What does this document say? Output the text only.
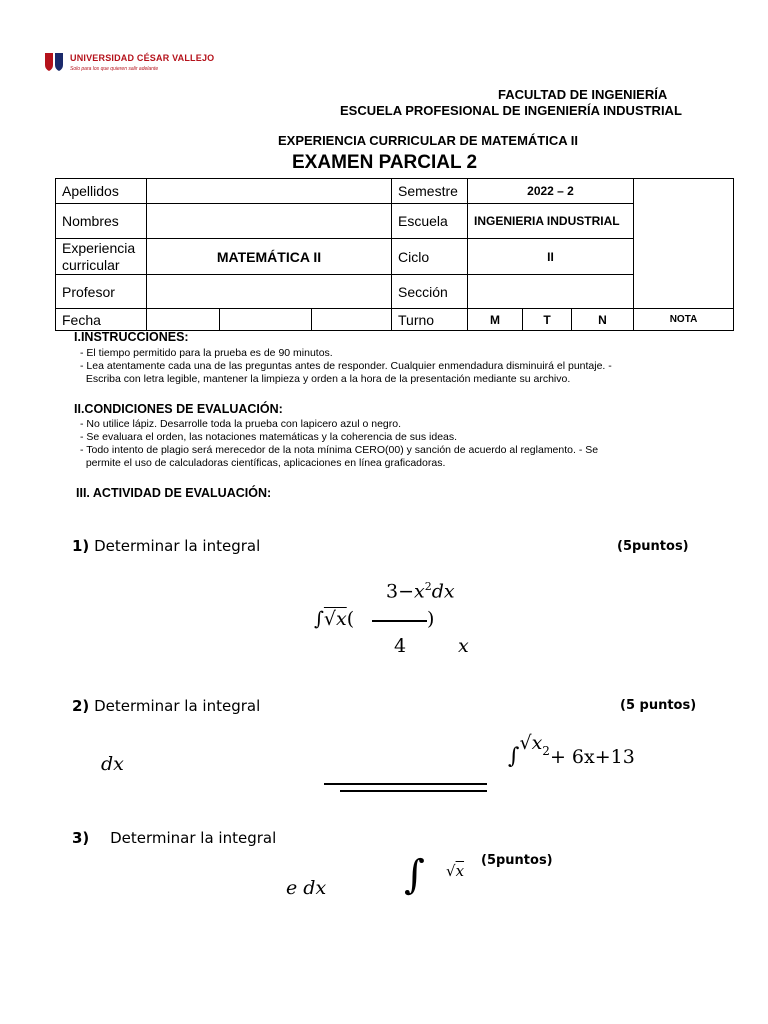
UNIVERSIDAD CÉSAR VALLEJO
Solo para los que quieren salir adelante
FACULTAD DE INGENIERÍA
ESCUELA PROFESIONAL DE INGENIERÍA INDUSTRIAL
EXPERIENCIA CURRICULAR DE MATEMÁTICA II
EXAMEN PARCIAL 2
Apellidos				Semestre	2022 – 2			
Nombres				Escuela	INGENIERIA INDUSTRIAL			
Experiencia curricular	MATEMÁTICA II			Ciclo	II			
Profesor				Sección				
Fecha				Turno	M	T	N	NOTA
I.INSTRUCCIONES:
- El tiempo permitido para la prueba es de 90 minutos.
- Lea atentamente cada una de las preguntas antes de responder. Cualquier enmendadura disminuirá el puntaje. -
Escriba con letra legible, mantener la limpieza y orden a la hora de la presentación mediante su archivo.
II.CONDICIONES DE EVALUACIÓN:
- No utilice lápiz. Desarrolle toda la prueba con lapicero azul o negro.
- Se evaluara el orden, las notaciones matemáticas y la coherencia de sus ideas.
- Todo intento de plagio será merecedor de la nota mínima CERO(00) y sanción de acuerdo al reglamento. - Se
permite el uso de calculadoras científicas, aplicaciones en línea graficadoras.
III. ACTIVIDAD DE EVALUACIÓN:
1) Determinar la integral	(5puntos)
$3-x^2dx$
∫√x(	)
4	x
2) Determinar la integral	(5 puntos)
dx	$\int√x^2+ 6x+13$
3) Determinar la integral
e dx ∫ √x
(5puntos)
